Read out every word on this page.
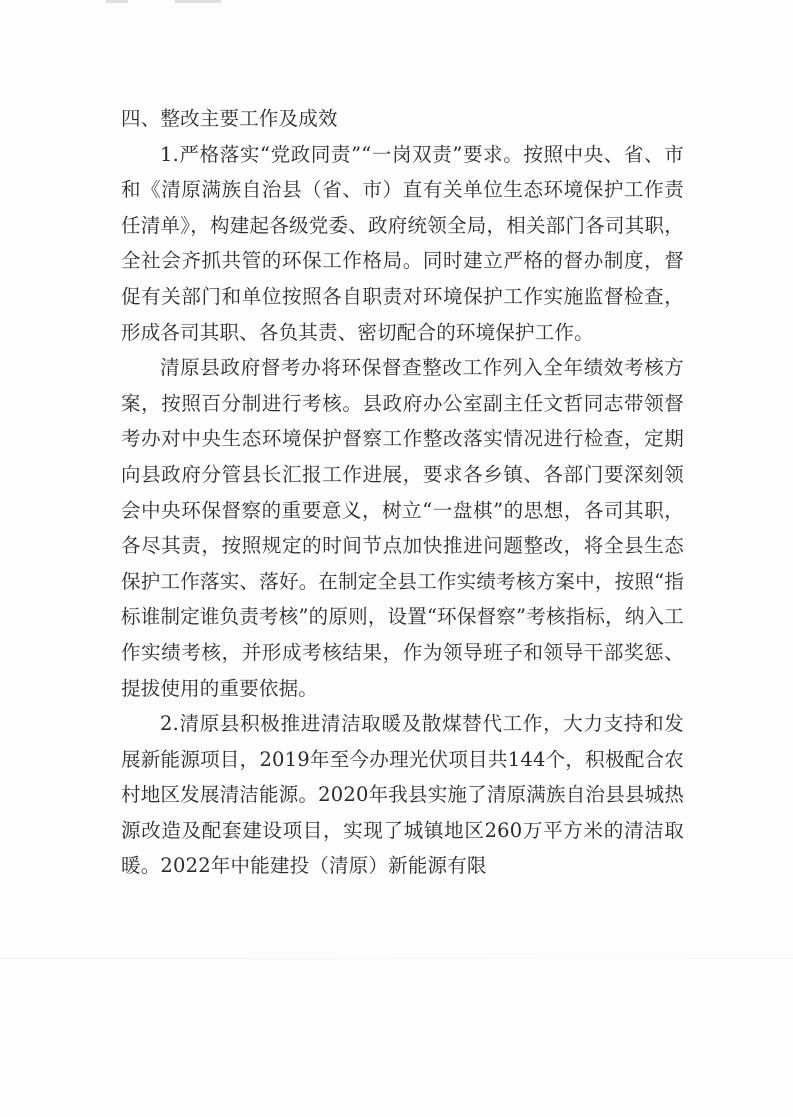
四、整改主要工作及成效

1.严格落实“党政同责”“一岗双责”要求。按照中央、省、市和《清原满族自治县（省、市）直有关单位生态环境保护工作责任清单》，构建起各级党委、政府统领全局，相关部门各司其职，全社会齐抓共管的环保工作格局。同时建立严格的督办制度，督促有关部门和单位按照各自职责对环境保护工作实施监督检查，形成各司其职、各负其责、密切配合的环境保护工作。

清原县政府督考办将环保督查整改工作列入全年绩效考核方案，按照百分制进行考核。县政府办公室副主任文哲同志带领督考办对中央生态环境保护督察工作整改落实情况进行检查，定期向县政府分管县长汇报工作进展，要求各乡镇、各部门要深刻领会中央环保督察的重要意义，树立“一盘棋”的思想，各司其职，各尽其责，按照规定的时间节点加快推进问题整改，将全县生态保护工作落实、落好。在制定全县工作实绩考核方案中，按照“指标谁制定谁负责考核”的原则，设置“环保督察”考核指标，纳入工作实绩考核，并形成考核结果，作为领导班子和领导干部奖惩、提拔使用的重要依据。

2.清原县积极推进清洁取暖及散煤替代工作，大力支持和发展新能源项目，2019年至今办理光伏项目共144个，积极配合农村地区发展清洁能源。2020年我县实施了清原满族自治县县城热源改造及配套建设项目，实现了城镇地区260万平方米的清洁取暖。2022年中能建投（清原）新能源有限
